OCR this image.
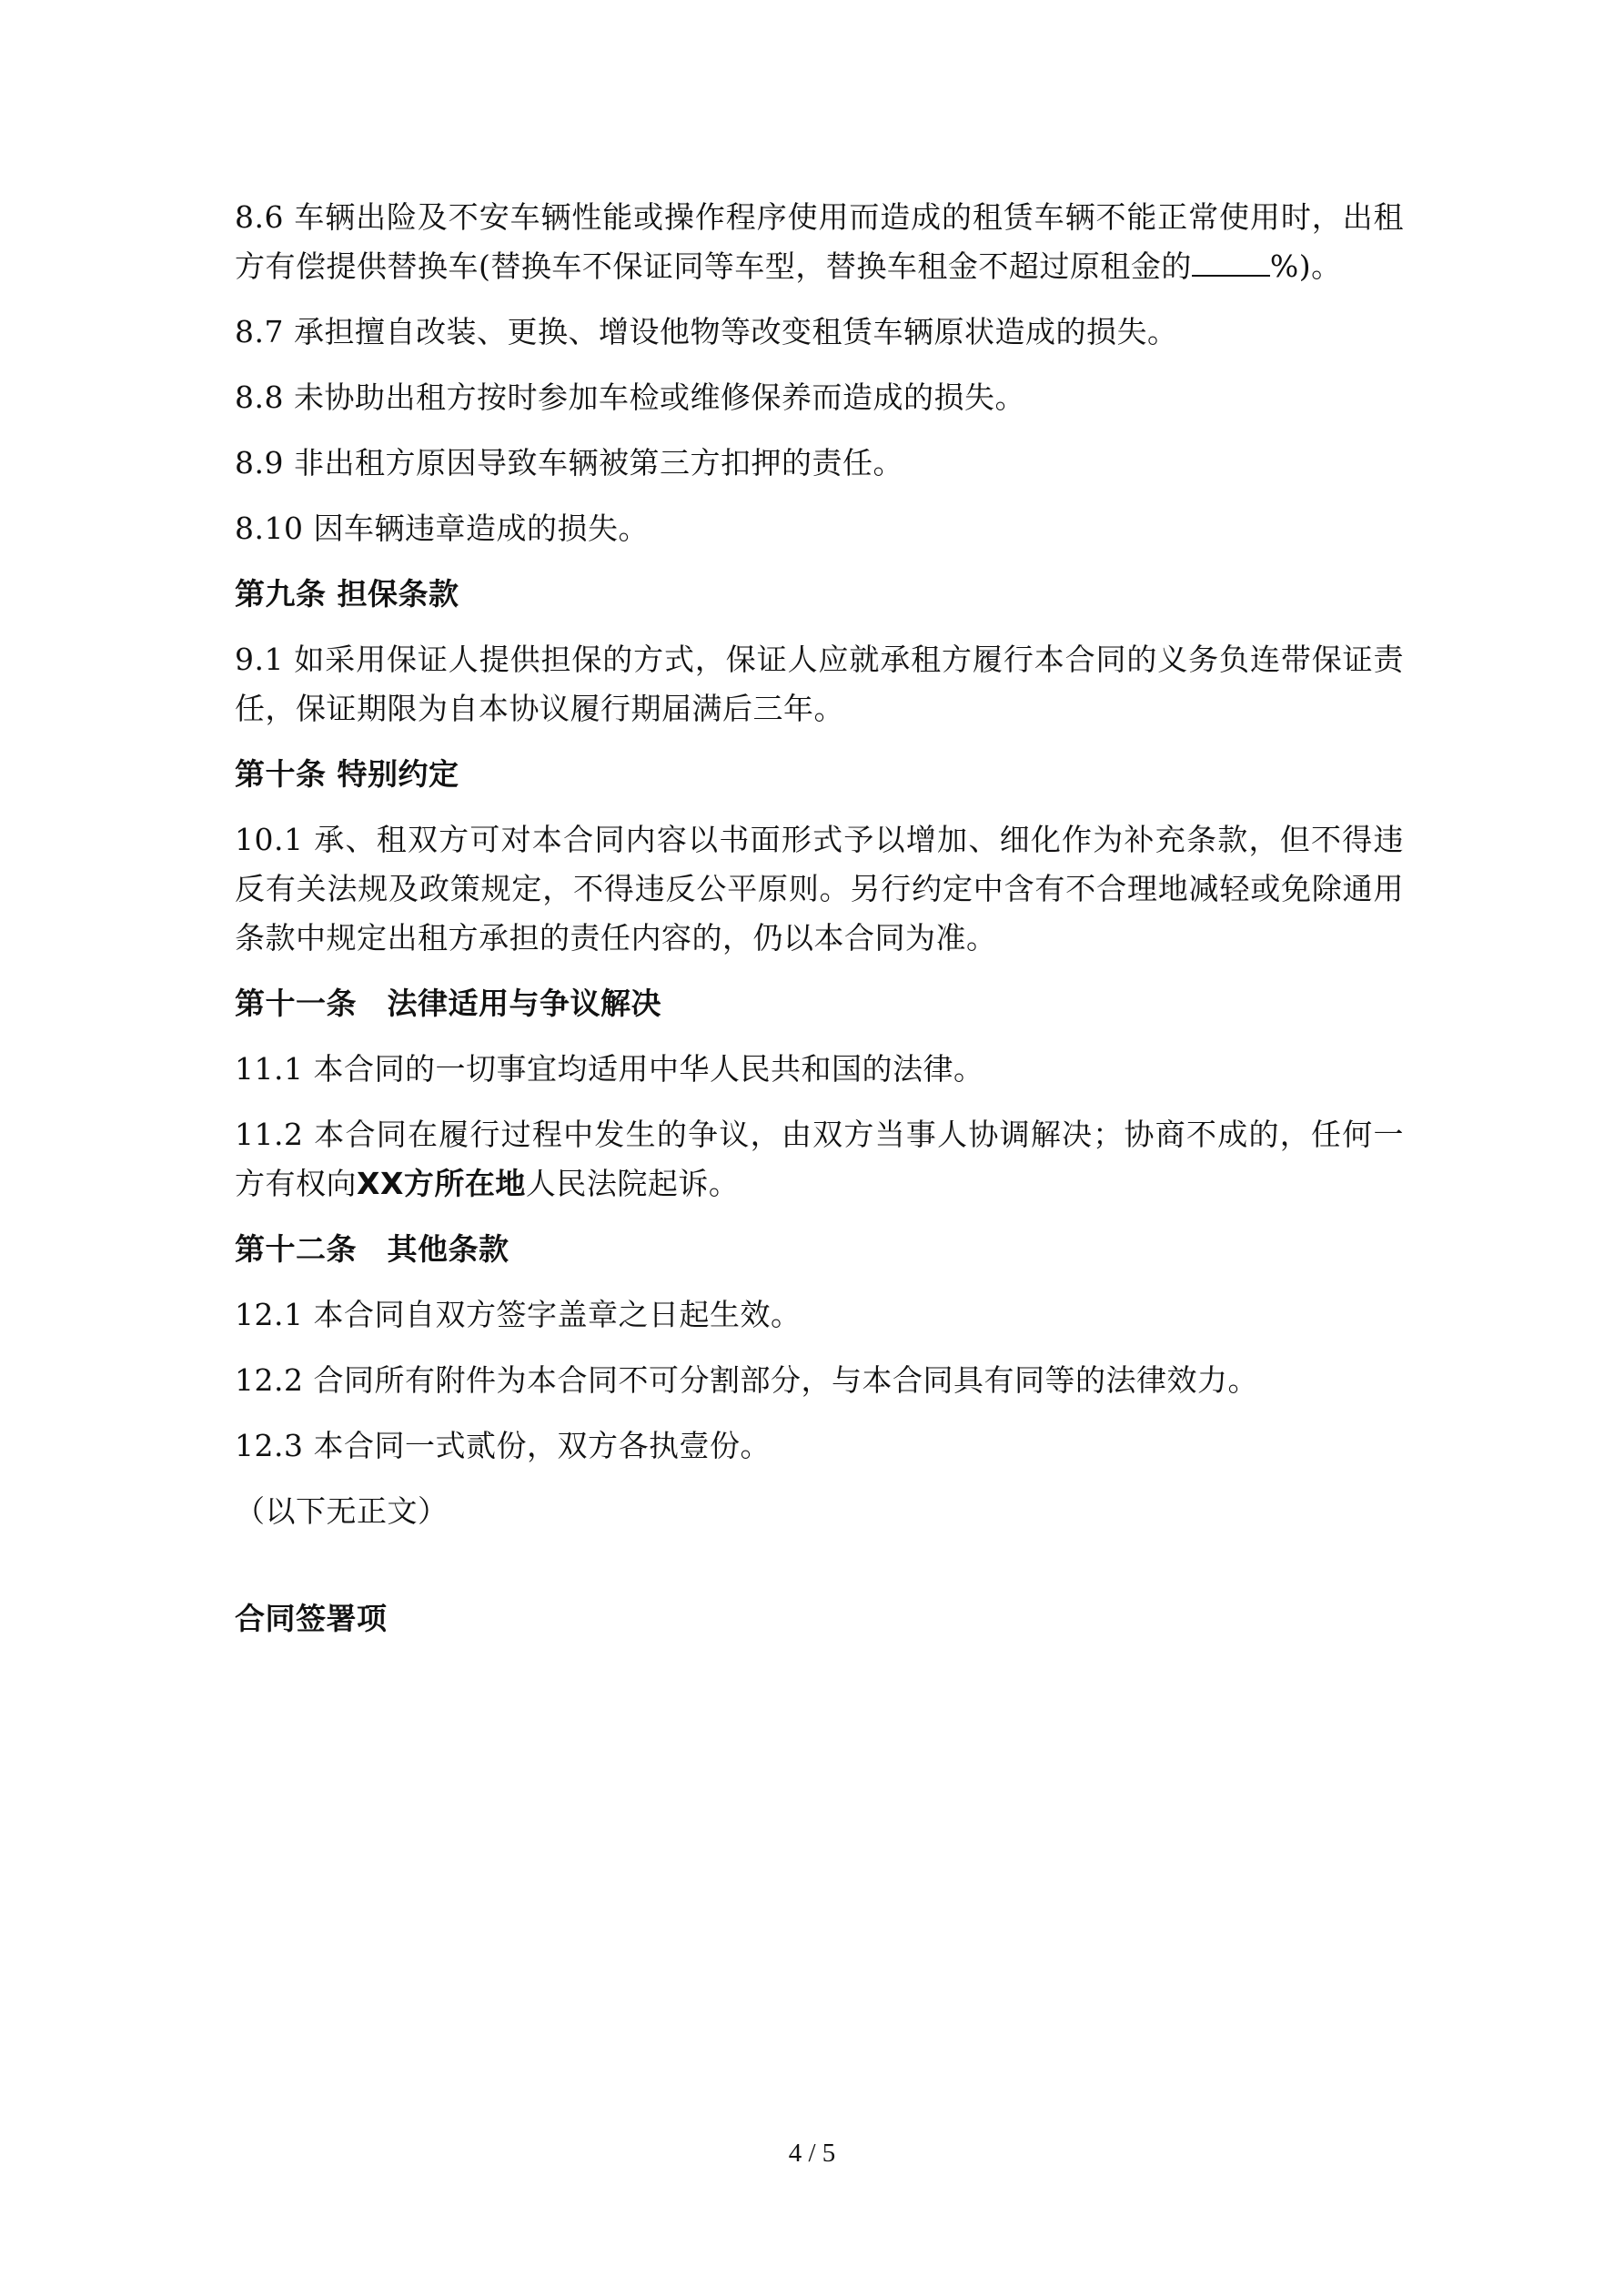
8.6 车辆出险及不安车辆性能或操作程序使用而造成的租赁车辆不能正常使用时，出租方有偿提供替换车(替换车不保证同等车型，替换车租金不超过原租金的	%)。

8.7 承担擅自改装、更换、增设他物等改变租赁车辆原状造成的损失。

8.8 未协助出租方按时参加车检或维修保养而造成的损失。

8.9 非出租方原因导致车辆被第三方扣押的责任。

8.10 因车辆违章造成的损失。

第九条 担保条款

9.1 如采用保证人提供担保的方式，保证人应就承租方履行本合同的义务负连带保证责任，保证期限为自本协议履行期届满后三年。

第十条 特别约定

10.1 承、租双方可对本合同内容以书面形式予以增加、细化作为补充条款，但不得违反有关法规及政策规定，不得违反公平原则。另行约定中含有不合理地减轻或免除通用条款中规定出租方承担的责任内容的，仍以本合同为准。

第十一条　法律适用与争议解决

11.1 本合同的一切事宜均适用中华人民共和国的法律。

11.2 本合同在履行过程中发生的争议，由双方当事人协调解决；协商不成的，任何一方有权向XX方所在地人民法院起诉。

第十二条　其他条款

12.1 本合同自双方签字盖章之日起生效。

12.2 合同所有附件为本合同不可分割部分，与本合同具有同等的法律效力。

12.3 本合同一式贰份，双方各执壹份。

（以下无正文）

合同签署项

4 / 5
